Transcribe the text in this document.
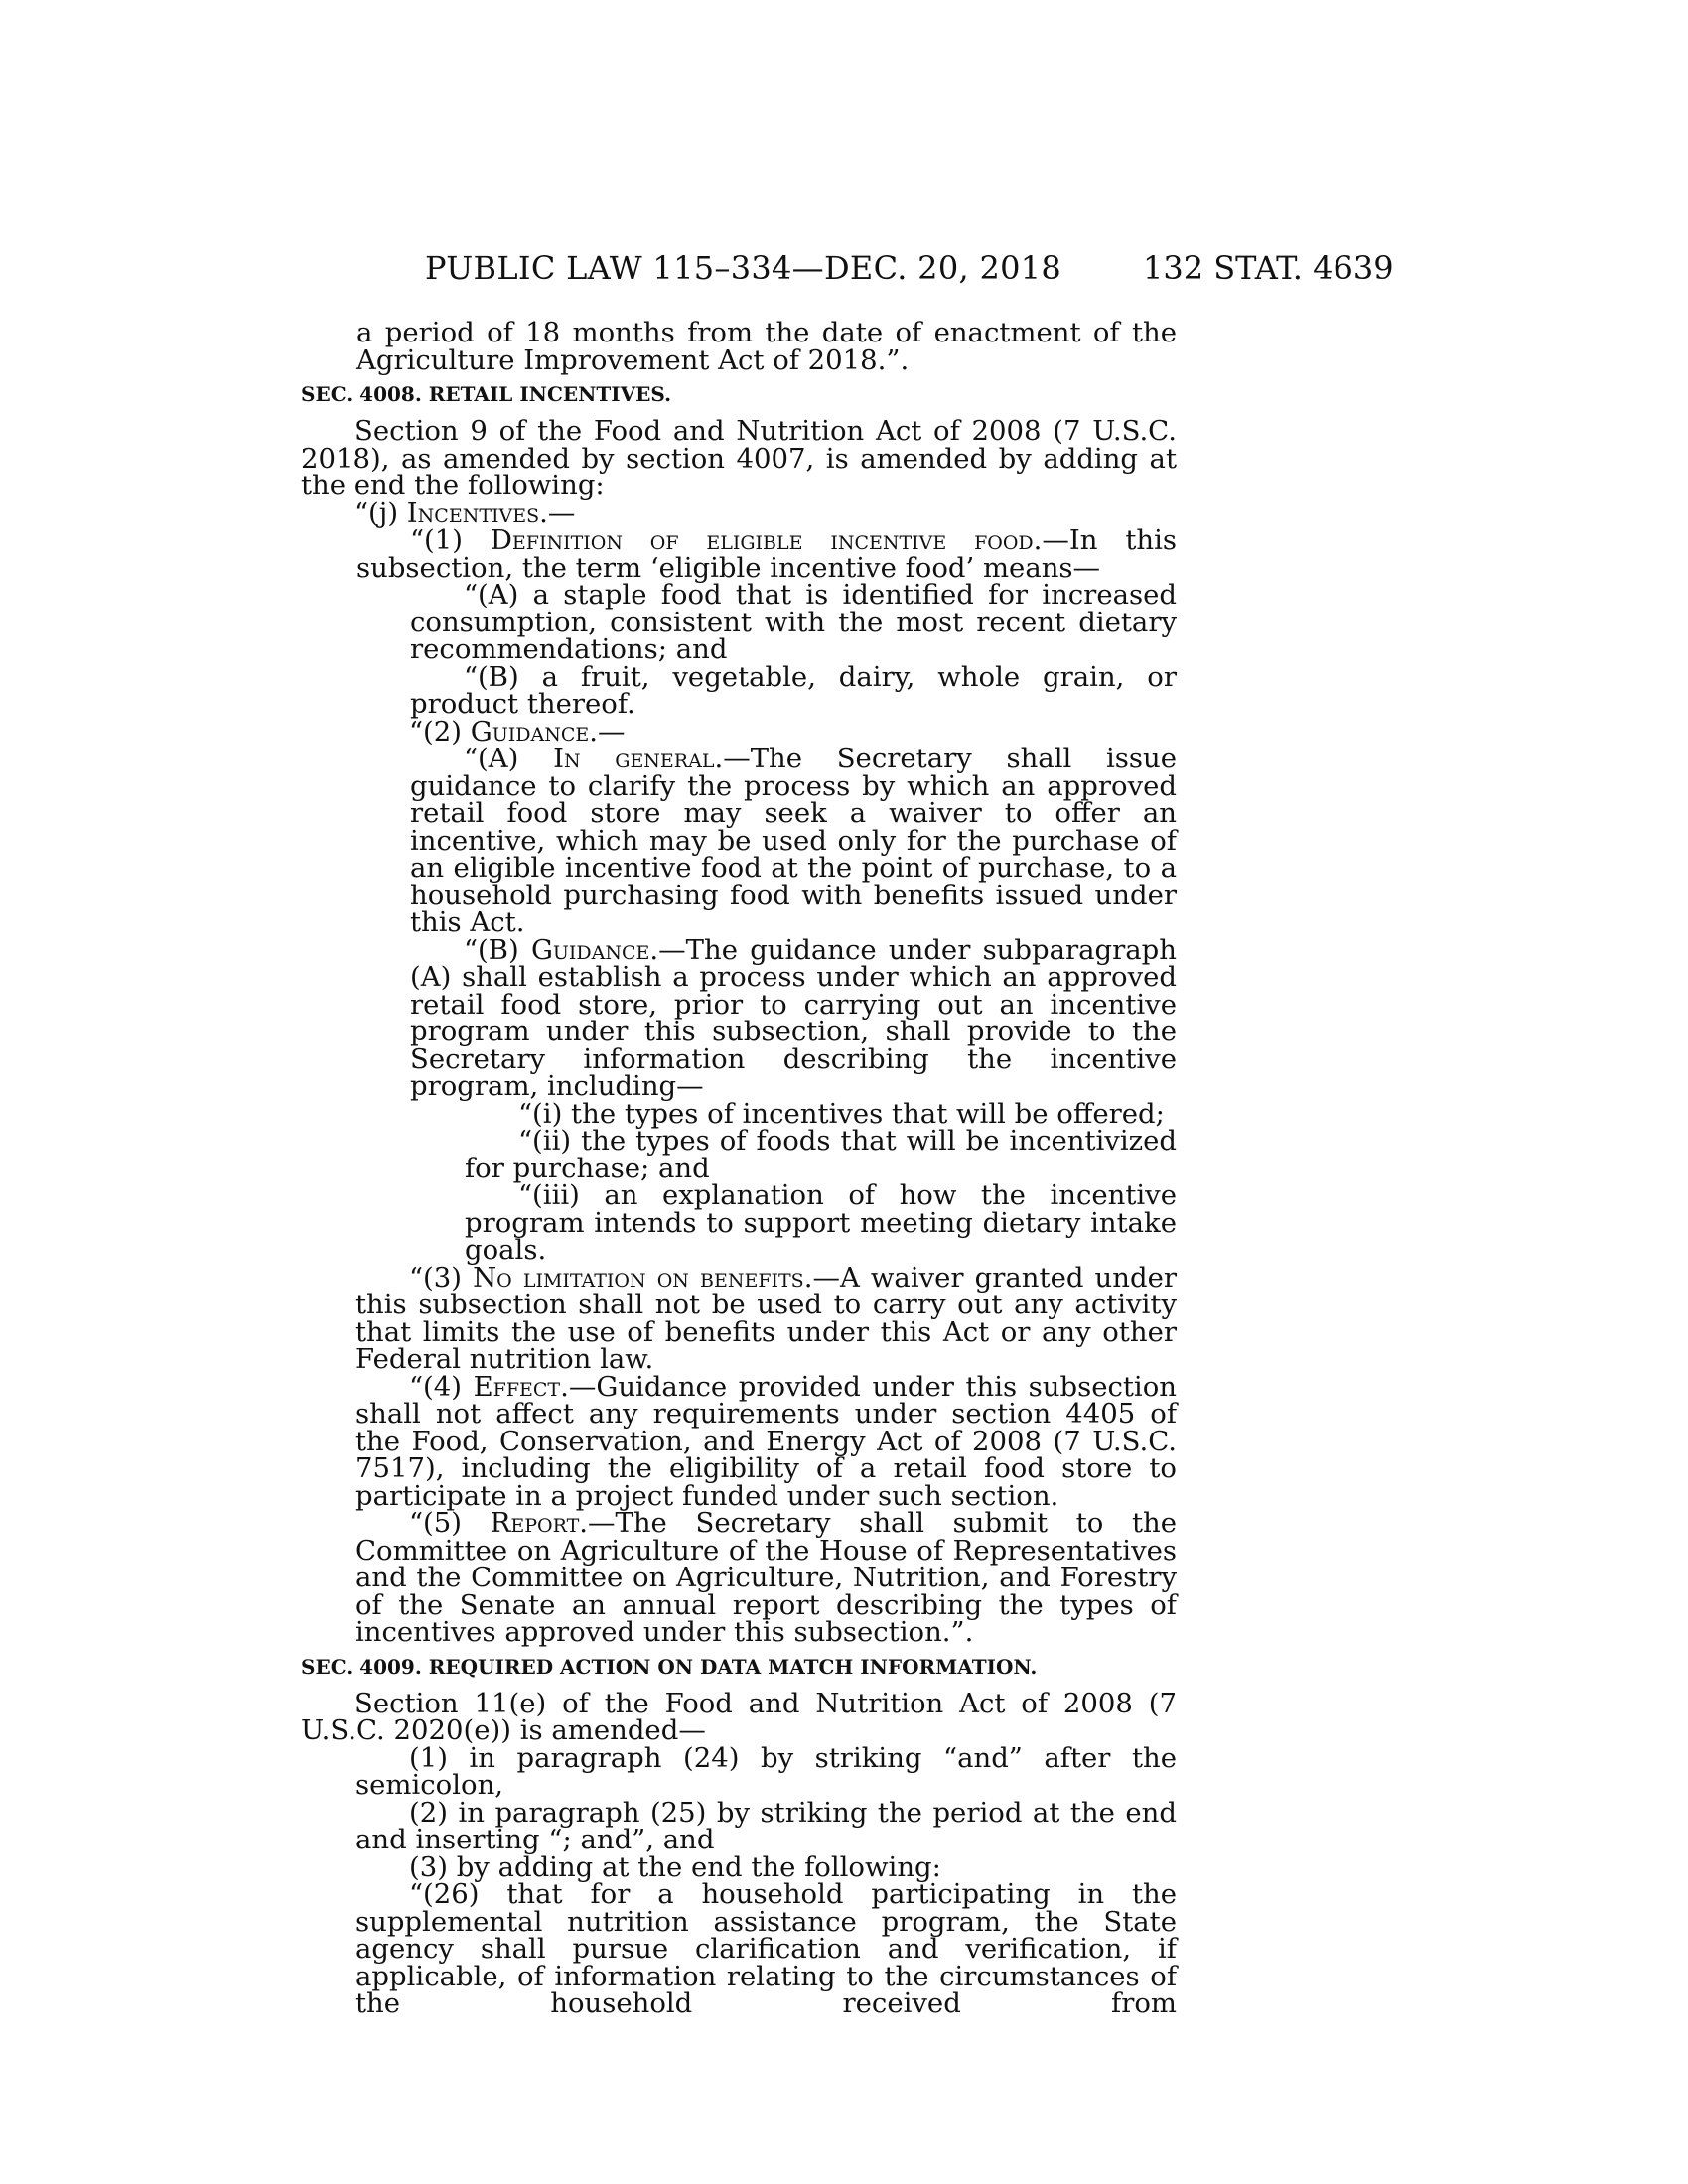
PUBLIC LAW 115–334—DEC. 20, 2018	132 STAT. 4639

a period of 18 months from the date of enactment of the Agriculture Improvement Act of 2018.”.

SEC. 4008. RETAIL INCENTIVES.

Section 9 of the Food and Nutrition Act of 2008 (7 U.S.C. 2018), as amended by section 4007, is amended by adding at the end the following:

“(j) Incentives.—

“(1) Definition of eligible incentive food.—In this subsection, the term ‘eligible incentive food’ means—

“(A) a staple food that is identified for increased consumption, consistent with the most recent dietary recommendations; and

“(B) a fruit, vegetable, dairy, whole grain, or product thereof.

“(2) Guidance.—

“(A) In general.—The Secretary shall issue guidance to clarify the process by which an approved retail food store may seek a waiver to offer an incentive, which may be used only for the purchase of an eligible incentive food at the point of purchase, to a household purchasing food with benefits issued under this Act.

“(B) Guidance.—The guidance under subparagraph (A) shall establish a process under which an approved retail food store, prior to carrying out an incentive program under this subsection, shall provide to the Secretary information describing the incentive program, including—

“(i) the types of incentives that will be offered;

“(ii) the types of foods that will be incentivized for purchase; and

“(iii) an explanation of how the incentive program intends to support meeting dietary intake goals.

“(3) No limitation on benefits.—A waiver granted under this subsection shall not be used to carry out any activity that limits the use of benefits under this Act or any other Federal nutrition law.

“(4) Effect.—Guidance provided under this subsection shall not affect any requirements under section 4405 of the Food, Conservation, and Energy Act of 2008 (7 U.S.C. 7517), including the eligibility of a retail food store to participate in a project funded under such section.

“(5) Report.—The Secretary shall submit to the Committee on Agriculture of the House of Representatives and the Committee on Agriculture, Nutrition, and Forestry of the Senate an annual report describing the types of incentives approved under this subsection.”.

SEC. 4009. REQUIRED ACTION ON DATA MATCH INFORMATION.

Section 11(e) of the Food and Nutrition Act of 2008 (7 U.S.C. 2020(e)) is amended—

(1) in paragraph (24) by striking “and” after the semicolon,

(2) in paragraph (25) by striking the period at the end and inserting “; and”, and

(3) by adding at the end the following:

“(26) that for a household participating in the supplemental nutrition assistance program, the State agency shall pursue clarification and verification, if applicable, of information relating to the circumstances of the household received from
